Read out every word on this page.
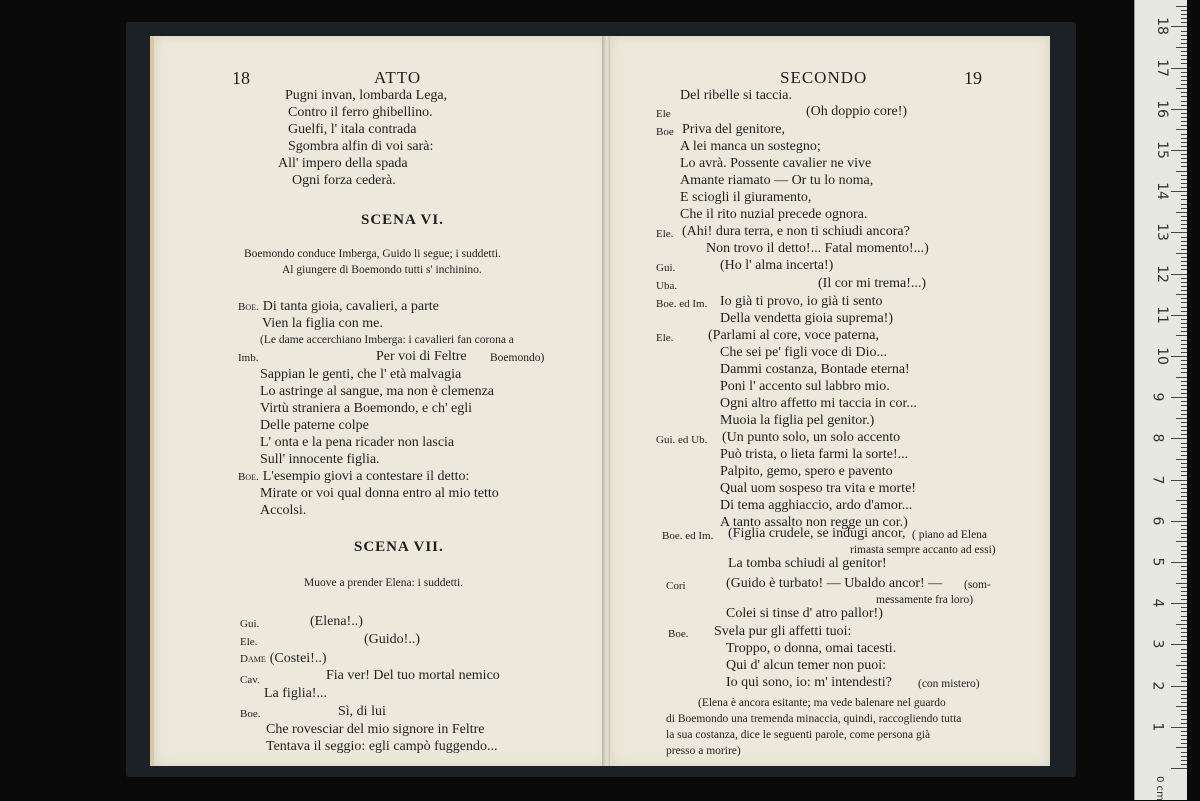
18	ATTO
Pugni invan, lombarda Lega,
Contro il ferro ghibellino.
Guelfi, l' itala contrada
Sgombra alfin di voi sarà:
All' impero della spada
Ogni forza cederà.
SCENA VI.
Boemondo conduce Imberga, Guido li segue; i suddetti.
Al giungere di Boemondo tutti s' inchinino.
Boe. Di tanta gioia, cavalieri, a parte
Vien la figlia con me.
(Le dame accerchiano Imberga: i cavalieri fan corona a
Imb.	Per voi di Feltre Boemondo)
Sappian le genti, che l' età malvagia
Lo astringe al sangue, ma non è clemenza
Virtù straniera a Boemondo, e ch' egli
Delle paterne colpe
L' onta e la pena ricader non lascia
Sull' innocente figlia.
Boe. L'esempio giovi a contestare il detto:
Mirate or voi qual donna entro al mio tetto
Accolsi.
SCENA VII.
Muove a prender Elena: i suddetti.
Gui.	(Elena!..)
Ele.	(Guido!..)
Dame (Costei!..)
Cav.	Fia ver! Del tuo mortal nemico
La figlia!...
Boe.	Sì, di lui
Che rovesciar del mio signore in Feltre
Tentava il seggio: egli campò fuggendo...
SECONDO	19
Del ribelle si taccia.
Ele	(Oh doppio core!)
Boe Priva del genitore,
A lei manca un sostegno;
Lo avrà. Possente cavalier ne vive
Amante riamato — Or tu lo noma,
E sciogli il giuramento,
Che il rito nuzial precede ognora.
Ele. (Ahi! dura terra, e non ti schiudi ancora?
Non trovo il detto!... Fatal momento!...)
Gui.	(Ho l' alma incerta!)
Uba.	(Il cor mi trema!...)
Boe. ed Im. Io già ti provo, io già ti sento
Della vendetta gioia suprema!)
Ele. (Parlami al core, voce paterna,
Che sei pe' figli voce di Dio...
Dammi costanza, Bontade eterna!
Poni l' accento sul labbro mio.
Ogni altro affetto mi taccia in cor...
Muoia la figlia pel genitor.)
Gui. ed Ub. (Un punto solo, un solo accento
Può trista, o lieta farmi la sorte!...
Palpito, gemo, spero e pavento
Qual uom sospeso tra vita e morte!
Di tema agghiaccio, ardo d'amor...
A tanto assalto non regge un cor.)
Boe. ed Im. (Figlia crudele, se indugi ancor, ( piano ad Elena
rimasta sempre accanto ad essi)
La tomba schiudi al genitor!
Cori	(Guido è turbato! — Ubaldo ancor! — (som-
messamente fra loro)
Colei si tinse d' atro pallor!)
Boe. Svela pur gli affetti tuoi:
Troppo, o donna, omai tacesti.
Qui d' alcun temer non puoi:
Io qui sono, io: m' intendesti? (con mistero)
(Elena è ancora esitante; ma vede balenare nel guardo
di Boemondo una tremenda minaccia, quindi, raccogliendo tutta
la sua costanza, dice le seguenti parole, come persona già
presso a morire)
0 cm
1
2
3
4
5
6
7
8
9
10
11
12
13
14
15
16
17
18
